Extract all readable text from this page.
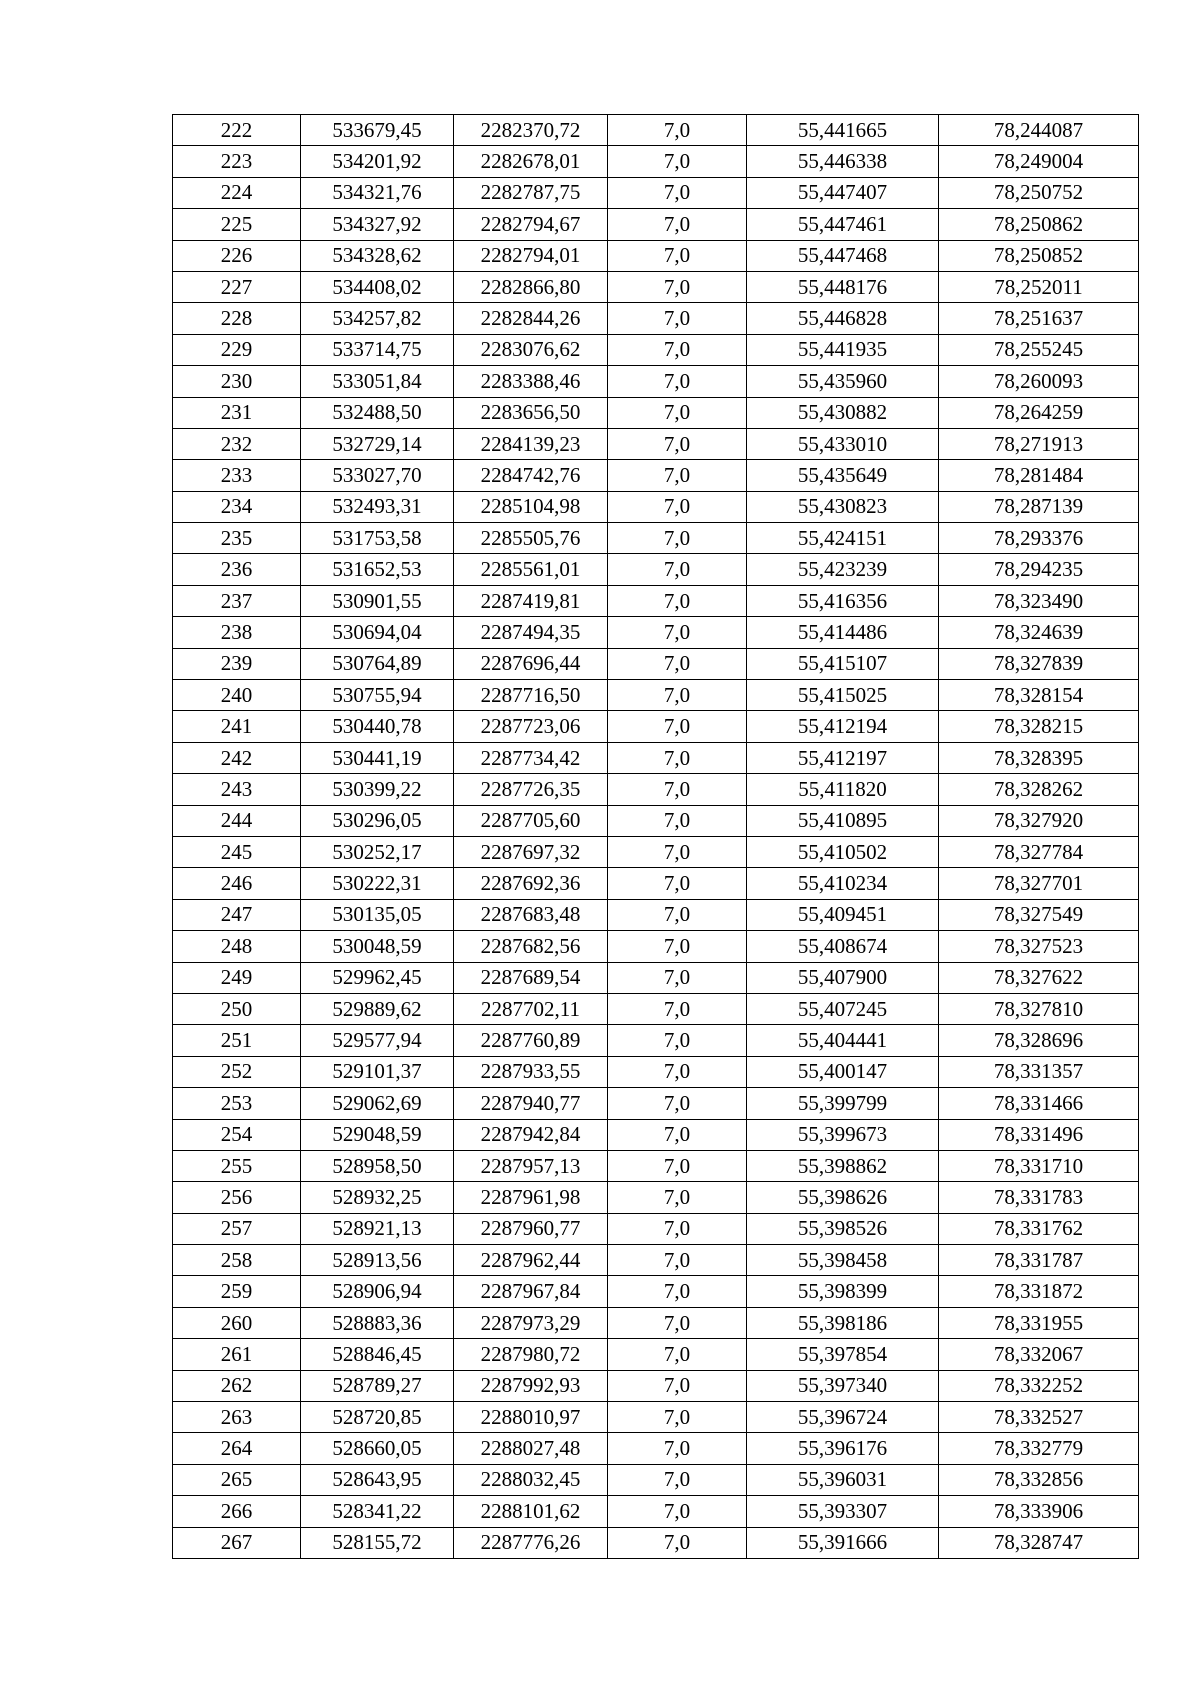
222	533679,45	2282370,72	7,0	55,441665	78,244087
223	534201,92	2282678,01	7,0	55,446338	78,249004
224	534321,76	2282787,75	7,0	55,447407	78,250752
225	534327,92	2282794,67	7,0	55,447461	78,250862
226	534328,62	2282794,01	7,0	55,447468	78,250852
227	534408,02	2282866,80	7,0	55,448176	78,252011
228	534257,82	2282844,26	7,0	55,446828	78,251637
229	533714,75	2283076,62	7,0	55,441935	78,255245
230	533051,84	2283388,46	7,0	55,435960	78,260093
231	532488,50	2283656,50	7,0	55,430882	78,264259
232	532729,14	2284139,23	7,0	55,433010	78,271913
233	533027,70	2284742,76	7,0	55,435649	78,281484
234	532493,31	2285104,98	7,0	55,430823	78,287139
235	531753,58	2285505,76	7,0	55,424151	78,293376
236	531652,53	2285561,01	7,0	55,423239	78,294235
237	530901,55	2287419,81	7,0	55,416356	78,323490
238	530694,04	2287494,35	7,0	55,414486	78,324639
239	530764,89	2287696,44	7,0	55,415107	78,327839
240	530755,94	2287716,50	7,0	55,415025	78,328154
241	530440,78	2287723,06	7,0	55,412194	78,328215
242	530441,19	2287734,42	7,0	55,412197	78,328395
243	530399,22	2287726,35	7,0	55,411820	78,328262
244	530296,05	2287705,60	7,0	55,410895	78,327920
245	530252,17	2287697,32	7,0	55,410502	78,327784
246	530222,31	2287692,36	7,0	55,410234	78,327701
247	530135,05	2287683,48	7,0	55,409451	78,327549
248	530048,59	2287682,56	7,0	55,408674	78,327523
249	529962,45	2287689,54	7,0	55,407900	78,327622
250	529889,62	2287702,11	7,0	55,407245	78,327810
251	529577,94	2287760,89	7,0	55,404441	78,328696
252	529101,37	2287933,55	7,0	55,400147	78,331357
253	529062,69	2287940,77	7,0	55,399799	78,331466
254	529048,59	2287942,84	7,0	55,399673	78,331496
255	528958,50	2287957,13	7,0	55,398862	78,331710
256	528932,25	2287961,98	7,0	55,398626	78,331783
257	528921,13	2287960,77	7,0	55,398526	78,331762
258	528913,56	2287962,44	7,0	55,398458	78,331787
259	528906,94	2287967,84	7,0	55,398399	78,331872
260	528883,36	2287973,29	7,0	55,398186	78,331955
261	528846,45	2287980,72	7,0	55,397854	78,332067
262	528789,27	2287992,93	7,0	55,397340	78,332252
263	528720,85	2288010,97	7,0	55,396724	78,332527
264	528660,05	2288027,48	7,0	55,396176	78,332779
265	528643,95	2288032,45	7,0	55,396031	78,332856
266	528341,22	2288101,62	7,0	55,393307	78,333906
267	528155,72	2287776,26	7,0	55,391666	78,328747
